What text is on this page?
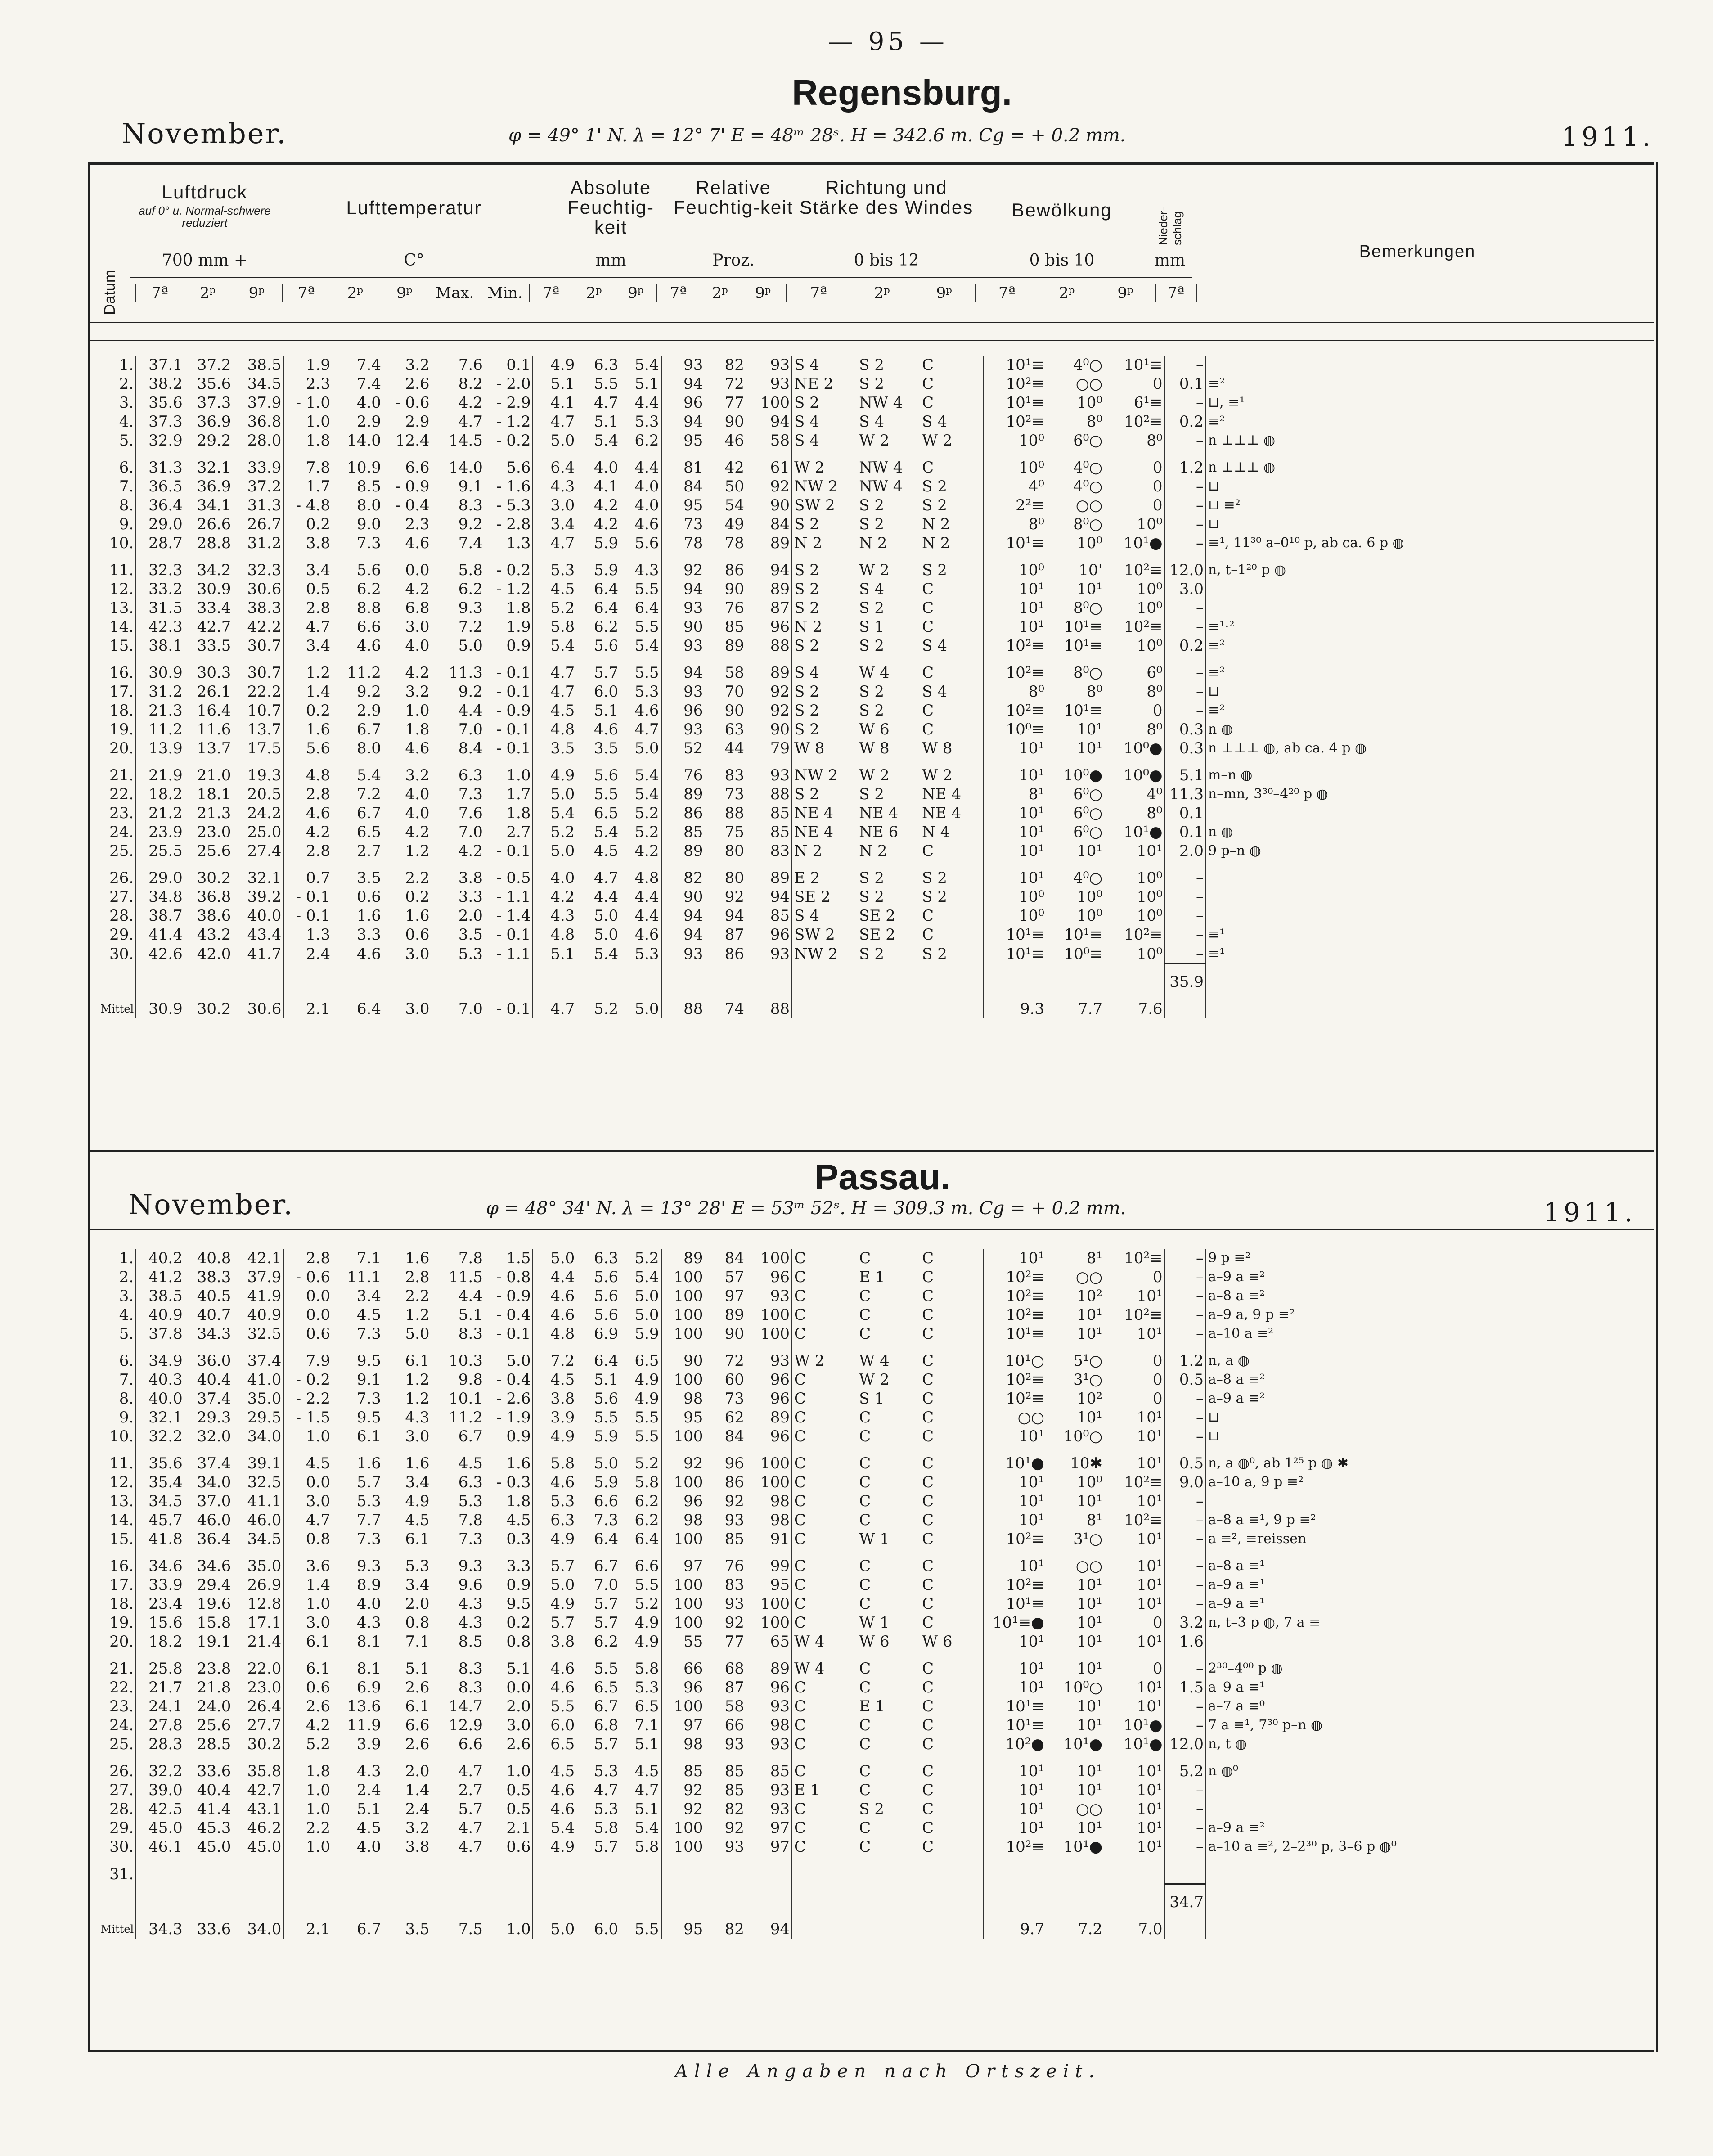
— 95 —
Regensburg.
November.	φ = 49° 1' N. λ = 12° 7' E = 48ᵐ 28ˢ. H = 342.6 m. Cg = + 0.2 mm.	1911.
Datum
Luftdruck
auf 0° u. Normal-schwere reduziert
700 mm +
Lufttemperatur
C°
Absolute Feuchtig-keit
mm
Relative Feuchtig-keit
Proz.
Richtung und Stärke des Windes
0 bis 12
Bewölkung
0 bis 10
Nieder-schlag
mm	Bemerkungen
	7ª	2ᵖ	9ᵖ	7ª	2ᵖ	9ᵖ	Max.	Min.	7ª	2ᵖ	9ᵖ	7ª	2ᵖ	9ᵖ	7ª	2ᵖ	9ᵖ	7ª	2ᵖ	9ᵖ	7ª
1.	37.1	37.2	38.5	1.9	7.4	3.2	7.6	0.1	4.9	6.3	5.4	93	82	93	S 4	S 2	C	10¹≡	4⁰○	10¹≡	–	
2.	38.2	35.6	34.5	2.3	7.4	2.6	8.2	- 2.0	5.1	5.5	5.1	94	72	93	NE 2	S 2	C	10²≡	○○	0	0.1	≡²
3.	35.6	37.3	37.9	- 1.0	4.0	- 0.6	4.2	- 2.9	4.1	4.7	4.4	96	77	100	S 2	NW 4	C	10¹≡	10⁰	6¹≡	–	⊔, ≡¹
4.	37.3	36.9	36.8	1.0	2.9	2.9	4.7	- 1.2	4.7	5.1	5.3	94	90	94	S 4	S 4	S 4	10²≡	8⁰	10²≡	0.2	≡²
5.	32.9	29.2	28.0	1.8	14.0	12.4	14.5	- 0.2	5.0	5.4	6.2	95	46	58	S 4	W 2	W 2	10⁰	6⁰○	8⁰	–	n ⊥⊥⊥ ◍
6.	31.3	32.1	33.9	7.8	10.9	6.6	14.0	5.6	6.4	4.0	4.4	81	42	61	W 2	NW 4	C	10⁰	4⁰○	0	1.2	n ⊥⊥⊥ ◍
7.	36.5	36.9	37.2	1.7	8.5	- 0.9	9.1	- 1.6	4.3	4.1	4.0	84	50	92	NW 2	NW 4	S 2	4⁰	4⁰○	0	–	⊔
8.	36.4	34.1	31.3	- 4.8	8.0	- 0.4	8.3	- 5.3	3.0	4.2	4.0	95	54	90	SW 2	S 2	S 2	2²≡	○○	0	–	⊔ ≡²
9.	29.0	26.6	26.7	0.2	9.0	2.3	9.2	- 2.8	3.4	4.2	4.6	73	49	84	S 2	S 2	N 2	8⁰	8⁰○	10⁰	–	⊔
10.	28.7	28.8	31.2	3.8	7.3	4.6	7.4	1.3	4.7	5.9	5.6	78	78	89	N 2	N 2	N 2	10¹≡	10⁰	10¹●	–	≡¹, 11³⁰ a–0¹⁰ p, ab ca. 6 p ◍
11.	32.3	34.2	32.3	3.4	5.6	0.0	5.8	- 0.2	5.3	5.9	4.3	92	86	94	S 2	W 2	S 2	10⁰	10'	10²≡	12.0	n, t–1²⁰ p ◍
12.	33.2	30.9	30.6	0.5	6.2	4.2	6.2	- 1.2	4.5	6.4	5.5	94	90	89	S 2	S 4	C	10¹	10¹	10⁰	3.0	
13.	31.5	33.4	38.3	2.8	8.8	6.8	9.3	1.8	5.2	6.4	6.4	93	76	87	S 2	S 2	C	10¹	8⁰○	10⁰	–	
14.	42.3	42.7	42.2	4.7	6.6	3.0	7.2	1.9	5.8	6.2	5.5	90	85	96	N 2	S 1	C	10¹	10¹≡	10²≡	–	≡¹·²
15.	38.1	33.5	30.7	3.4	4.6	4.0	5.0	0.9	5.4	5.6	5.4	93	89	88	S 2	S 2	S 4	10²≡	10¹≡	10⁰	0.2	≡²
16.	30.9	30.3	30.7	1.2	11.2	4.2	11.3	- 0.1	4.7	5.7	5.5	94	58	89	S 4	W 4	C	10²≡	8⁰○	6⁰	–	≡²
17.	31.2	26.1	22.2	1.4	9.2	3.2	9.2	- 0.1	4.7	6.0	5.3	93	70	92	S 2	S 2	S 4	8⁰	8⁰	8⁰	–	⊔
18.	21.3	16.4	10.7	0.2	2.9	1.0	4.4	- 0.9	4.5	5.1	4.6	96	90	92	S 2	S 2	C	10²≡	10¹≡	0	–	≡²
19.	11.2	11.6	13.7	1.6	6.7	1.8	7.0	- 0.1	4.8	4.6	4.7	93	63	90	S 2	W 6	C	10⁰≡	10¹	8⁰	0.3	n ◍
20.	13.9	13.7	17.5	5.6	8.0	4.6	8.4	- 0.1	3.5	3.5	5.0	52	44	79	W 8	W 8	W 8	10¹	10¹	10⁰●	0.3	n ⊥⊥⊥ ◍, ab ca. 4 p ◍
21.	21.9	21.0	19.3	4.8	5.4	3.2	6.3	1.0	4.9	5.6	5.4	76	83	93	NW 2	W 2	W 2	10¹	10⁰●	10⁰●	5.1	m–n ◍
22.	18.2	18.1	20.5	2.8	7.2	4.0	7.3	1.7	5.0	5.5	5.4	89	73	88	S 2	S 2	NE 4	8¹	6⁰○	4⁰	11.3	n–mn, 3³⁰–4²⁰ p ◍
23.	21.2	21.3	24.2	4.6	6.7	4.0	7.6	1.8	5.4	6.5	5.2	86	88	85	NE 4	NE 4	NE 4	10¹	6⁰○	8⁰	0.1	
24.	23.9	23.0	25.0	4.2	6.5	4.2	7.0	2.7	5.2	5.4	5.2	85	75	85	NE 4	NE 6	N 4	10¹	6⁰○	10¹●	0.1	n ◍
25.	25.5	25.6	27.4	2.8	2.7	1.2	4.2	- 0.1	5.0	4.5	4.2	89	80	83	N 2	N 2	C	10¹	10¹	10¹	2.0	9 p–n ◍
26.	29.0	30.2	32.1	0.7	3.5	2.2	3.8	- 0.5	4.0	4.7	4.8	82	80	89	E 2	S 2	S 2	10¹	4⁰○	10⁰	–	
27.	34.8	36.8	39.2	- 0.1	0.6	0.2	3.3	- 1.1	4.2	4.4	4.4	90	92	94	SE 2	S 2	S 2	10⁰	10⁰	10⁰	–	
28.	38.7	38.6	40.0	- 0.1	1.6	1.6	2.0	- 1.4	4.3	5.0	4.4	94	94	85	S 4	SE 2	C	10⁰	10⁰	10⁰	–	
29.	41.4	43.2	43.4	1.3	3.3	0.6	3.5	- 0.1	4.8	5.0	4.6	94	87	96	SW 2	SE 2	C	10¹≡	10¹≡	10²≡	–	≡¹
30.	42.6	42.0	41.7	2.4	4.6	3.0	5.3	- 1.1	5.1	5.4	5.3	93	86	93	NW 2	S 2	S 2	10¹≡	10⁰≡	10⁰	–	≡¹
																					35.9	
Mittel	30.9	30.2	30.6	2.1	6.4	3.0	7.0	- 0.1	4.7	5.2	5.0	88	74	88				9.3	7.7	7.6		
Passau.
November.	φ = 48° 34' N. λ = 13° 28' E = 53ᵐ 52ˢ. H = 309.3 m. Cg = + 0.2 mm.	1911.
1.	40.2	40.8	42.1	2.8	7.1	1.6	7.8	1.5	5.0	6.3	5.2	89	84	100	C	C	C	10¹	8¹	10²≡	–	9 p ≡²
2.	41.2	38.3	37.9	- 0.6	11.1	2.8	11.5	- 0.8	4.4	5.6	5.4	100	57	96	C	E 1	C	10²≡	○○	0	–	a–9 a ≡²
3.	38.5	40.5	41.9	0.0	3.4	2.2	4.4	- 0.9	4.6	5.6	5.0	100	97	93	C	C	C	10²≡	10²	10¹	–	a–8 a ≡²
4.	40.9	40.7	40.9	0.0	4.5	1.2	5.1	- 0.4	4.6	5.6	5.0	100	89	100	C	C	C	10²≡	10¹	10²≡	–	a–9 a, 9 p ≡²
5.	37.8	34.3	32.5	0.6	7.3	5.0	8.3	- 0.1	4.8	6.9	5.9	100	90	100	C	C	C	10¹≡	10¹	10¹	–	a–10 a ≡²
6.	34.9	36.0	37.4	7.9	9.5	6.1	10.3	5.0	7.2	6.4	6.5	90	72	93	W 2	W 4	C	10¹○	5¹○	0	1.2	n, a ◍
7.	40.3	40.4	41.0	- 0.2	9.1	1.2	9.8	- 0.4	4.5	5.1	4.9	100	60	96	C	W 2	C	10²≡	3¹○	0	0.5	a–8 a ≡²
8.	40.0	37.4	35.0	- 2.2	7.3	1.2	10.1	- 2.6	3.8	5.6	4.9	98	73	96	C	S 1	C	10²≡	10²	0	–	a–9 a ≡²
9.	32.1	29.3	29.5	- 1.5	9.5	4.3	11.2	- 1.9	3.9	5.5	5.5	95	62	89	C	C	C	○○	10¹	10¹	–	⊔
10.	32.2	32.0	34.0	1.0	6.1	3.0	6.7	0.9	4.9	5.9	5.5	100	84	96	C	C	C	10¹	10⁰○	10¹	–	⊔
11.	35.6	37.4	39.1	4.5	1.6	1.6	4.5	1.6	5.8	5.0	5.2	92	96	100	C	C	C	10¹●	10✱	10¹	0.5	n, a ◍⁰, ab 1²⁵ p ◍ ✱
12.	35.4	34.0	32.5	0.0	5.7	3.4	6.3	- 0.3	4.6	5.9	5.8	100	86	100	C	C	C	10¹	10⁰	10²≡	9.0	a–10 a, 9 p ≡²
13.	34.5	37.0	41.1	3.0	5.3	4.9	5.3	1.8	5.3	6.6	6.2	96	92	98	C	C	C	10¹	10¹	10¹	–	
14.	45.7	46.0	46.0	4.7	7.7	4.5	7.8	4.5	6.3	7.3	6.2	98	93	98	C	C	C	10¹	8¹	10²≡	–	a–8 a ≡¹, 9 p ≡²
15.	41.8	36.4	34.5	0.8	7.3	6.1	7.3	0.3	4.9	6.4	6.4	100	85	91	C	W 1	C	10²≡	3¹○	10¹	–	a ≡², ≡reissen
16.	34.6	34.6	35.0	3.6	9.3	5.3	9.3	3.3	5.7	6.7	6.6	97	76	99	C	C	C	10¹	○○	10¹	–	a–8 a ≡¹
17.	33.9	29.4	26.9	1.4	8.9	3.4	9.6	0.9	5.0	7.0	5.5	100	83	95	C	C	C	10²≡	10¹	10¹	–	a–9 a ≡¹
18.	23.4	19.6	12.8	1.0	4.0	2.0	4.3	9.5	4.9	5.7	5.2	100	93	100	C	C	C	10¹≡	10¹	10¹	–	a–9 a ≡¹
19.	15.6	15.8	17.1	3.0	4.3	0.8	4.3	0.2	5.7	5.7	4.9	100	92	100	C	W 1	C	10¹≡●	10¹	0	3.2	n, t–3 p ◍, 7 a ≡
20.	18.2	19.1	21.4	6.1	8.1	7.1	8.5	0.8	3.8	6.2	4.9	55	77	65	W 4	W 6	W 6	10¹	10¹	10¹	1.6	
21.	25.8	23.8	22.0	6.1	8.1	5.1	8.3	5.1	4.6	5.5	5.8	66	68	89	W 4	C	C	10¹	10¹	0	–	2³⁰–4⁰⁰ p ◍
22.	21.7	21.8	23.0	0.6	6.9	2.6	8.3	0.0	4.6	6.5	5.3	96	87	96	C	C	C	10¹	10⁰○	10¹	1.5	a–9 a ≡¹
23.	24.1	24.0	26.4	2.6	13.6	6.1	14.7	2.0	5.5	6.7	6.5	100	58	93	C	E 1	C	10¹≡	10¹	10¹	–	a–7 a ≡⁰
24.	27.8	25.6	27.7	4.2	11.9	6.6	12.9	3.0	6.0	6.8	7.1	97	66	98	C	C	C	10¹≡	10¹	10¹●	–	7 a ≡¹, 7³⁰ p–n ◍
25.	28.3	28.5	30.2	5.2	3.9	2.6	6.6	2.6	6.5	5.7	5.1	98	93	93	C	C	C	10²●	10¹●	10¹●	12.0	n, t ◍
26.	32.2	33.6	35.8	1.8	4.3	2.0	4.7	1.0	4.5	5.3	4.5	85	85	85	C	C	C	10¹	10¹	10¹	5.2	n ◍⁰
27.	39.0	40.4	42.7	1.0	2.4	1.4	2.7	0.5	4.6	4.7	4.7	92	85	93	E 1	C	C	10¹	10¹	10¹	–	
28.	42.5	41.4	43.1	1.0	5.1	2.4	5.7	0.5	4.6	5.3	5.1	92	82	93	C	S 2	C	10¹	○○	10¹	–	
29.	45.0	45.3	46.2	2.2	4.5	3.2	4.7	2.1	5.4	5.8	5.4	100	92	97	C	C	C	10¹	10¹	10¹	–	a–9 a ≡²
30.	46.1	45.0	45.0	1.0	4.0	3.8	4.7	0.6	4.9	5.7	5.8	100	93	97	C	C	C	10²≡	10¹●	10¹	–	a–10 a ≡², 2–2³⁰ p, 3–6 p ◍⁰
31.																						
																					34.7	
Mittel	34.3	33.6	34.0	2.1	6.7	3.5	7.5	1.0	5.0	6.0	5.5	95	82	94				9.7	7.2	7.0		
Alle Angaben nach Ortszeit.
